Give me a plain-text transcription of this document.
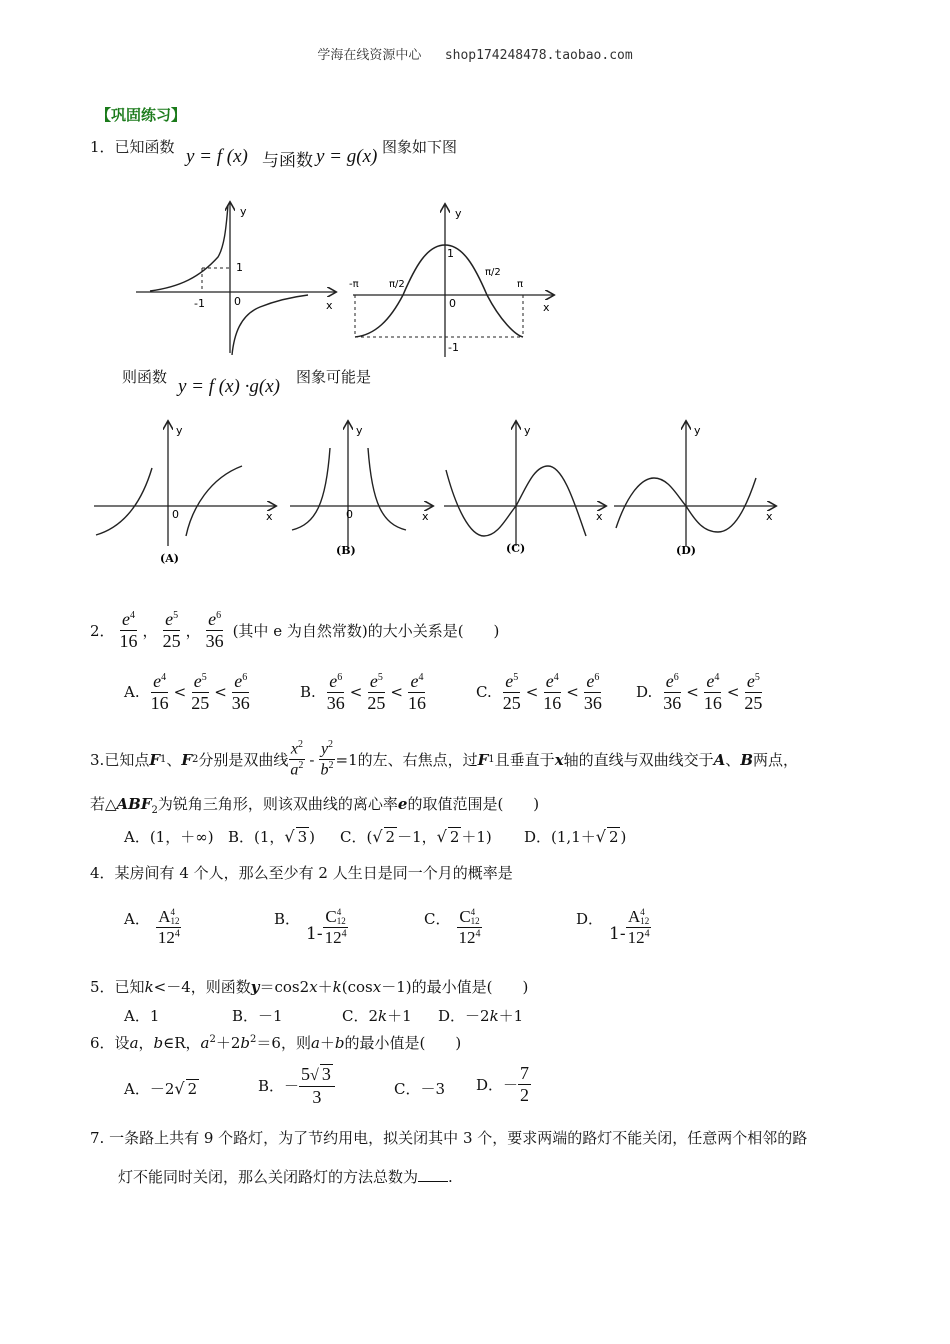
学海在线资源中心 shop174248478.taobao.com
【巩固练习】
1．已知函数 y = f (x) 与函数 y = g(x) 图象如下图
y
x
0
-1
1
y
x
0
-π	π/2
π/2
π
1
-1
则函数 y = f (x) ·g(x) 图象可能是
y
x
0
(A)
y
x
0
(B)
y
x
(C)
y
x
(D)
2． $\frac{e^4}{16}$ ， $\frac{e^5}{25}$ ， $\frac{e^6}{36}$ (其中 e 为自然常数)的大小关系是(　　)
A. $\frac{e^4}{16} < \frac{e^5}{25} < \frac{e^6}{36}$	B. $\frac{e^6}{36} < \frac{e^5}{25} < \frac{e^4}{16}$	C. $\frac{e^5}{25} < \frac{e^4}{16} < \frac{e^6}{36} D$. $\frac{e^6}{36} < \frac{e^4}{16} < \frac{e^5}{25}$
3. 已知点 F 1 、 F 2 分别是双曲线 $\frac{x^2}{a^2} - \frac{y^2}{b^2} =1$ 的左、右焦点，过 F 1 且垂直于 x 轴的直线与双曲线交于 A 、 B 两点，
若$\triangle ABF_2$为锐角三角形，则该双曲线的离心率e的取值范围是(　　)
A．(1，＋∞) B．(1，√ 3 ) C．(√ 2 －1，√ 2 ＋1) D．(1,1＋√ 2 )
4．某房间有 4 个人，那么至少有 2 人生日是同一个月的概率是
A． A $^{4 12}$
$12^4$	B．
1- C $^{4 12}$
$12^4$	C． C $^{4 12}$
$12^4$	D．
1- A $^{4 12}$
$12^4$
5．已知k<－4，则函数y＝cos2x＋k(cosx－1)的最小值是(　　)
A．1	B．－1	C．2k＋1 D．－2k＋1
6．设a，b∈R，$a^2+2b^2=6$，则a＋b的最小值是(　　)
A．－2√ 2	B．－ $\frac{5√ 3}{3}$	C．－3 D．－ $\frac{7}{2}$
7. 一条路上共有 9 个路灯，为了节约用电，拟关闭其中 3 个，要求两端的路灯不能关闭，任意两个相邻的路
灯不能同时关闭，那么关闭路灯的方法总数为 .
